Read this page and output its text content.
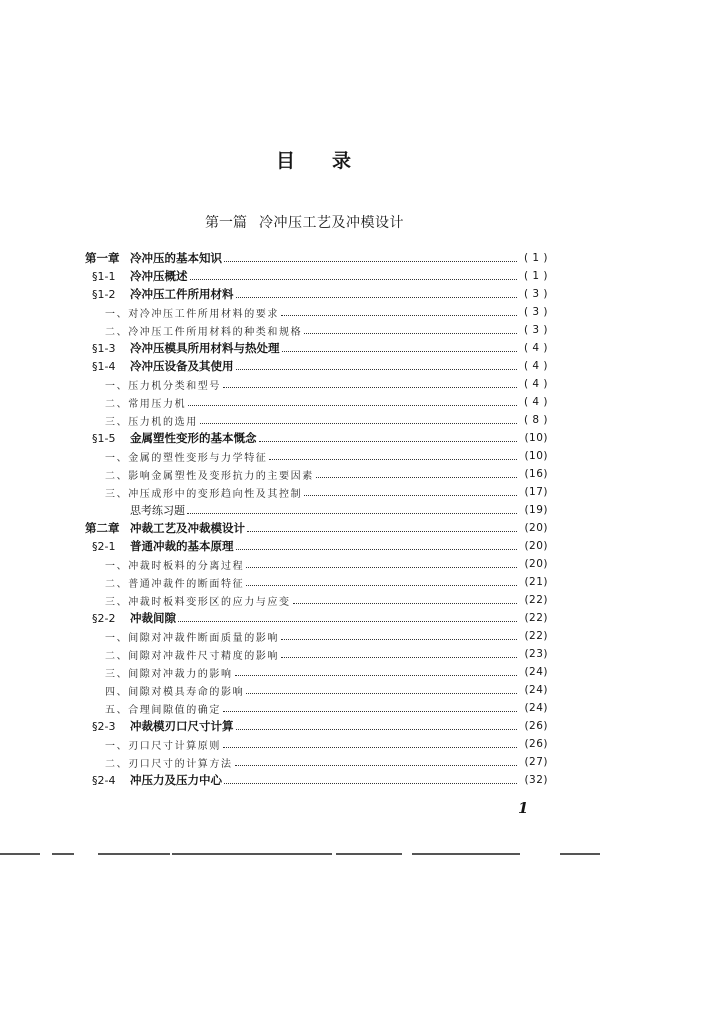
目录
第一篇 冷冲压工艺及冲模设计
第一章 冷冲压的基本知识	( 1 )
§1-1	冷冲压概述	( 1 )
§1-2	冷冲压工件所用材料	( 3 )
一、对冷冲压工件所用材料的要求	( 3 )
二、冷冲压工件所用材料的种类和规格	( 3 )
§1-3	冷冲压模具所用材料与热处理	( 4 )
§1-4	冷冲压设备及其使用	( 4 )
一、压力机分类和型号	( 4 )
二、常用压力机	( 4 )
三、压力机的选用	( 8 )
§1-5	金属塑性变形的基本慨念	(10)
一、金属的塑性变形与力学特征	(10)
二、影响金属塑性及变形抗力的主要因素	(16)
三、冲压成形中的变形趋向性及其控制	(17)
思考练习题	(19)
第二章 冲裁工艺及冲裁模设计	(20)
§2-1	普通冲裁的基本原理	(20)
一、冲裁时板料的分离过程	(20)
二、普通冲裁件的断面特征	(21)
三、冲裁时板料变形区的应力与应变	(22)
§2-2	冲裁间隙	(22)
一、间隙对冲裁件断面质量的影响	(22)
二、间隙对冲裁件尺寸精度的影响	(23)
三、间隙对冲裁力的影响	(24)
四、间隙对模具寿命的影响	(24)
五、合理间隙值的确定	(24)
§2-3	冲裁模刃口尺寸计算	(26)
一、刃口尺寸计算原则	(26)
二、刃口尺寸的计算方法	(27)
§2-4	冲压力及压力中心	(32)
1
